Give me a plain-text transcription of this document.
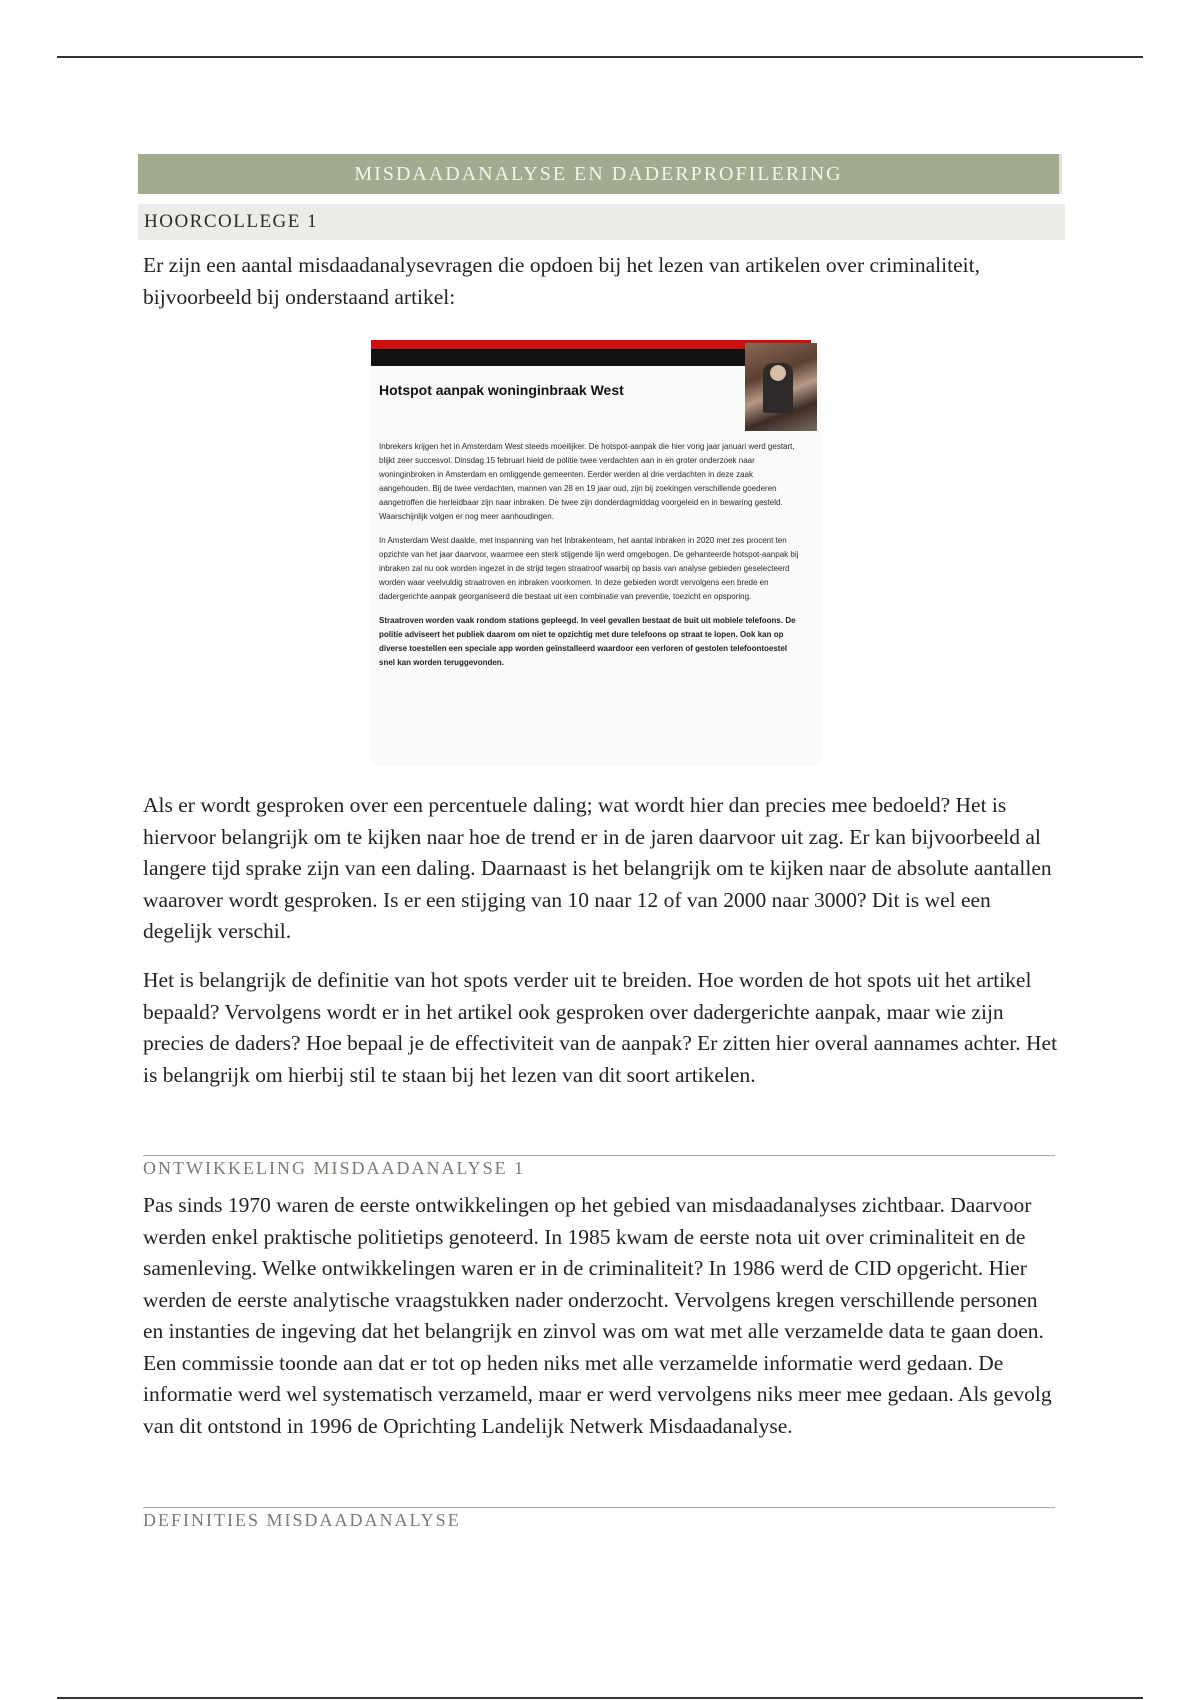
MISDAADANALYSE EN DADERPROFILERING
HOORCOLLEGE 1

Er zijn een aantal misdaadanalysevragen die opdoen bij het lezen van artikelen over criminaliteit, bijvoorbeeld bij onderstaand artikel:

Hotspot aanpak woninginbraak West

Inbrekers krijgen het in Amsterdam West steeds moeilijker. De hotspot-aanpak die hier vorig jaar januari werd gestart, blijkt zeer succesvol. Dinsdag 15 februari hield de politie twee verdachten aan in en groter onderzoek naar woninginbroken in Amsterdam en omliggende gemeenten. Eerder werden al drie verdachten in deze zaak aangehouden. Bij de twee verdachten, mannen van 28 en 19 jaar oud, zijn bij zoekingen verschillende goederen aangetroffen die herleidbaar zijn naar inbraken. De twee zijn donderdagmiddag voorgeleid en in bewaring gesteld. Waarschijnlijk volgen er nog meer aanhoudingen.

In Amsterdam West daalde, met inspanning van het Inbrakenteam, het aantal inbraken in 2020 met zes procent ten opzichte van het jaar daarvoor, waarmee een sterk stijgende lijn werd omgebogen. De gehanteerde hotspot-aanpak bij inbraken zal nu ook worden ingezet in de strijd tegen straatroof waarbij op basis van analyse gebieden geselecteerd worden waar veelvuldig straatroven en inbraken voorkomen. In deze gebieden wordt vervolgens een brede en dadergerichte aanpak georganiseerd die bestaat uit een combinatie van preventie, toezicht en opsporing.

Straatroven worden vaak rondom stations gepleegd. In veel gevallen bestaat de buit uit mobiele telefoons. De politie adviseert het publiek daarom om niet te opzichtig met dure telefoons op straat te lopen. Ook kan op diverse toestellen een speciale app worden geïnstalleerd waardoor een verloren of gestolen telefoontoestel snel kan worden teruggevonden.

Als er wordt gesproken over een percentuele daling; wat wordt hier dan precies mee bedoeld? Het is hiervoor belangrijk om te kijken naar hoe de trend er in de jaren daarvoor uit zag. Er kan bijvoorbeeld al langere tijd sprake zijn van een daling. Daarnaast is het belangrijk om te kijken naar de absolute aantallen waarover wordt gesproken. Is er een stijging van 10 naar 12 of van 2000 naar 3000? Dit is wel een degelijk verschil.

Het is belangrijk de definitie van hot spots verder uit te breiden. Hoe worden de hot spots uit het artikel bepaald? Vervolgens wordt er in het artikel ook gesproken over dadergerichte aanpak, maar wie zijn precies de daders? Hoe bepaal je de effectiviteit van de aanpak? Er zitten hier overal aannames achter. Het is belangrijk om hierbij stil te staan bij het lezen van dit soort artikelen.

ONTWIKKELING MISDAADANALYSE 1

Pas sinds 1970 waren de eerste ontwikkelingen op het gebied van misdaadanalyses zichtbaar. Daarvoor werden enkel praktische politietips genoteerd. In 1985 kwam de eerste nota uit over criminaliteit en de samenleving. Welke ontwikkelingen waren er in de criminaliteit? In 1986 werd de CID opgericht. Hier werden de eerste analytische vraagstukken nader onderzocht. Vervolgens kregen verschillende personen en instanties de ingeving dat het belangrijk en zinvol was om wat met alle verzamelde data te gaan doen. Een commissie toonde aan dat er tot op heden niks met alle verzamelde informatie werd gedaan. De informatie werd wel systematisch verzameld, maar er werd vervolgens niks meer mee gedaan. Als gevolg van dit ontstond in 1996 de Oprichting Landelijk Netwerk Misdaadanalyse.

DEFINITIES MISDAADANALYSE
